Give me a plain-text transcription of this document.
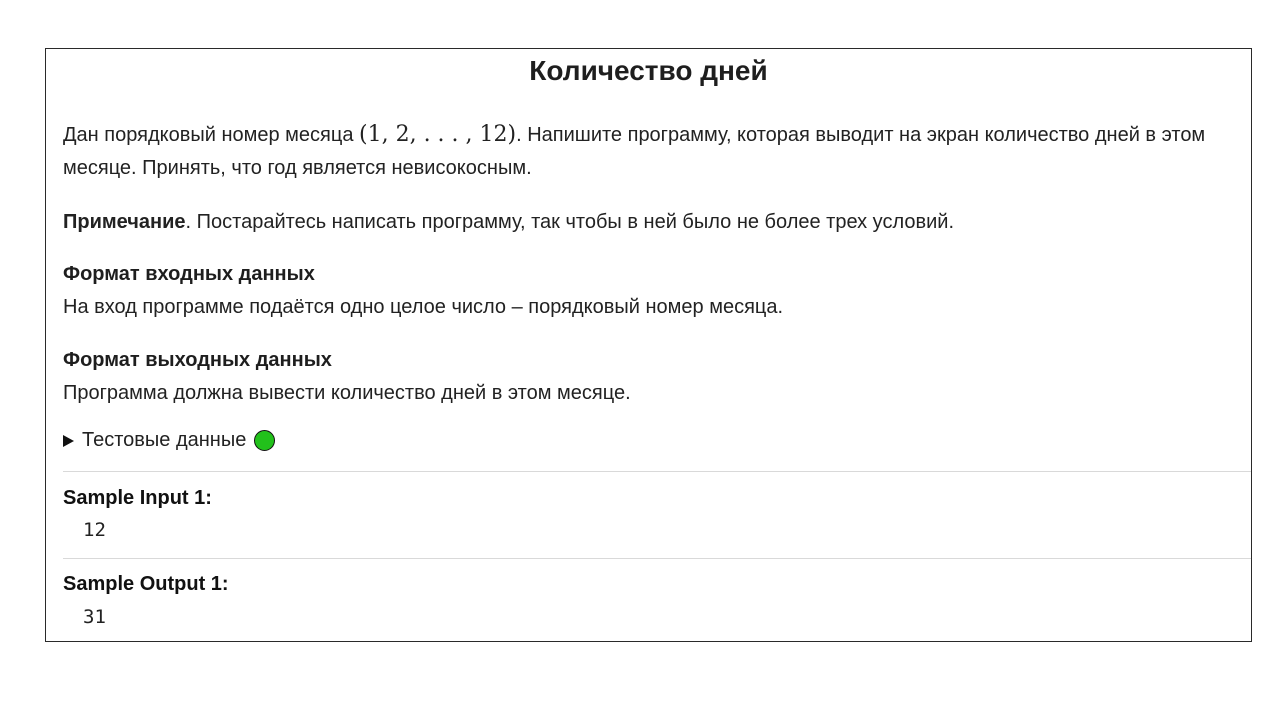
Количество дней
Дан порядковый номер месяца (1, 2, . . . , 12). Напишите программу, которая выводит на экран количество дней в этом месяце. Принять, что год является невисокосным.
Примечание. Постарайтесь написать программу, так чтобы в ней было не более трех условий.
Формат входных данных
На вход программе подаётся одно целое число – порядковый номер месяца.
Формат выходных данных
Программа должна вывести количество дней в этом месяце.
Тестовые данные
Sample Input 1:
12
Sample Output 1:
31
